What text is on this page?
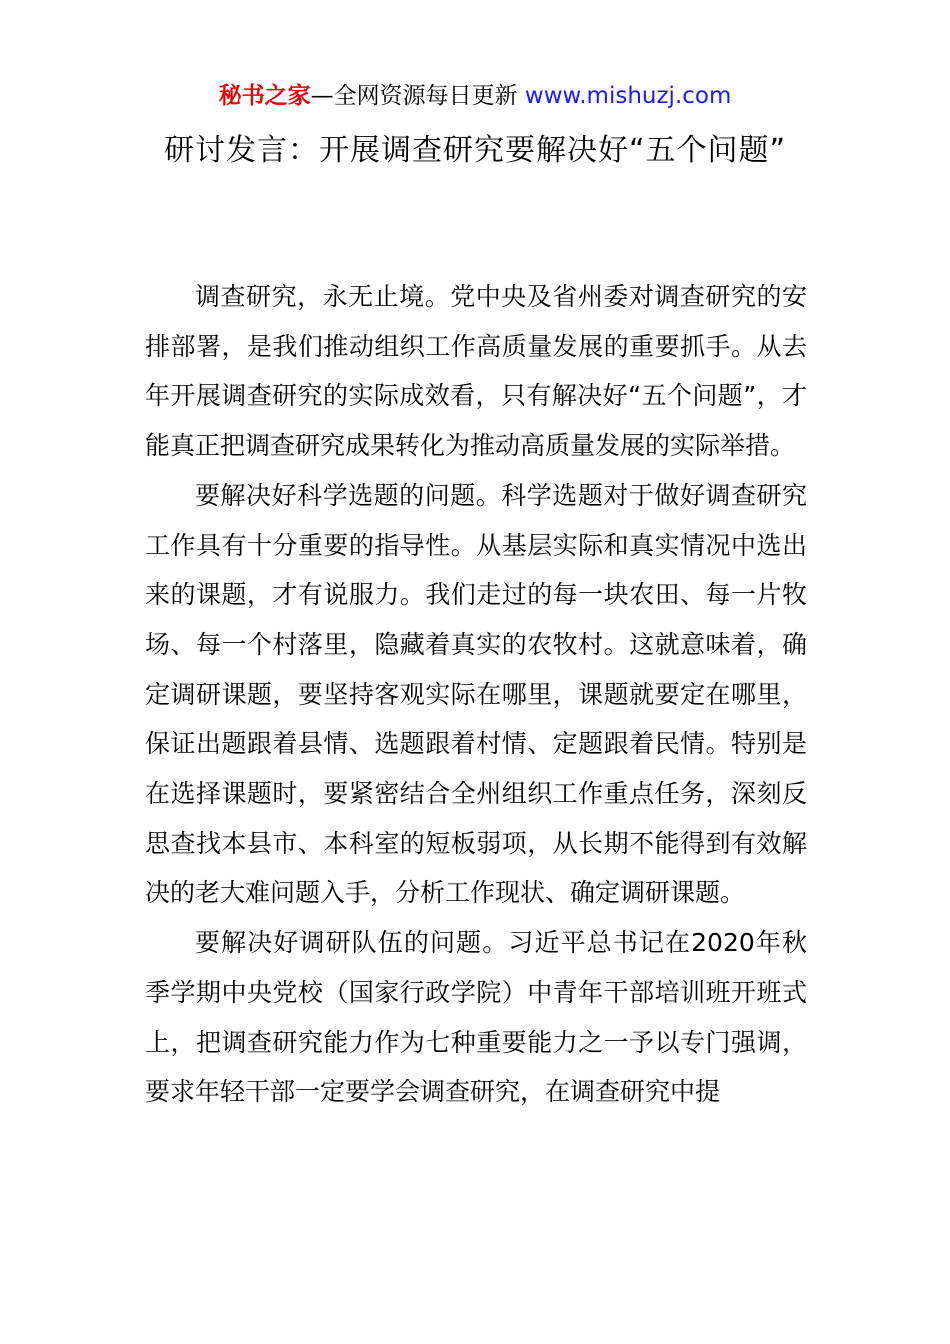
秘书之家—全网资源每日更新 www.mishuzj.com
研讨发言：开展调查研究要解决好“五个问题”

调查研究，永无止境。党中央及省州委对调查研究的安排部署，是我们推动组织工作高质量发展的重要抓手。从去年开展调查研究的实际成效看，只有解决好“五个问题”，才能真正把调查研究成果转化为推动高质量发展的实际举措。

要解决好科学选题的问题。科学选题对于做好调查研究工作具有十分重要的指导性。从基层实际和真实情况中选出来的课题，才有说服力。我们走过的每一块农田、每一片牧场、每一个村落里，隐藏着真实的农牧村。这就意味着，确定调研课题，要坚持客观实际在哪里，课题就要定在哪里，保证出题跟着县情、选题跟着村情、定题跟着民情。特别是在选择课题时，要紧密结合全州组织工作重点任务，深刻反思查找本县市、本科室的短板弱项，从长期不能得到有效解决的老大难问题入手，分析工作现状、确定调研课题。

要解决好调研队伍的问题。习近平总书记在2020年秋季学期中央党校（国家行政学院）中青年干部培训班开班式上，把调查研究能力作为七种重要能力之一予以专门强调，要求年轻干部一定要学会调查研究，在调查研究中提
